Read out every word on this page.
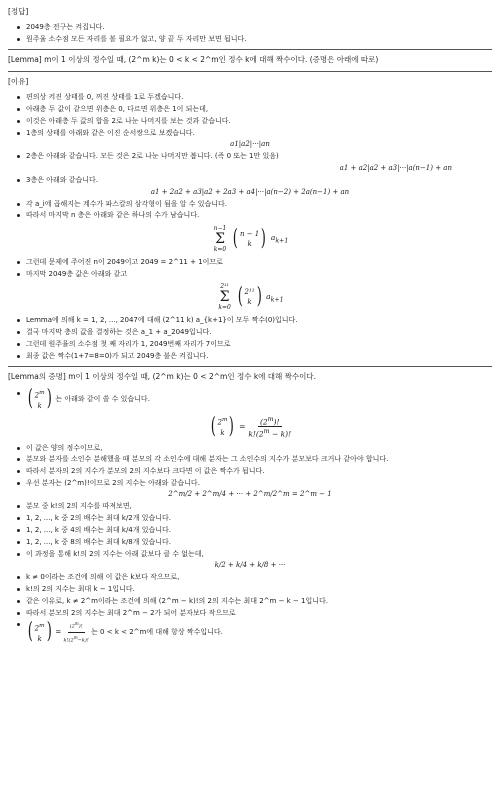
[정답]
2049층 전구는 켜집니다.
원주율 소수점 모든 자리를 볼 필요가 없고, 양 끝 두 자리만 보면 됩니다.
[Lemma] m이 1 이상의 정수일 때, (2^m k)는 0 < k < 2^m인 정수 k에 대해 짝수이다. (증명은 아래에 따로)
[이유]
편의상 켜진 상태를 0, 꺼진 상태를 1로 두겠습니다.
아래층 두 값이 같으면 위층은 0, 다르면 위층은 1이 되는데,
이것은 아래층 두 값의 합을 2로 나눈 나머지를 보는 것과 같습니다.
1층의 상태를 아래와 같은 이진 순서쌍으로 보겠습니다.
a1|a2|···|an
2층은 아래와 같습니다. 모든 것은 2로 나눈 나머지만 봅니다. (즉 0 또는 1만 있음)
a1 + a2|a2 + a3|···|a(n−1) + an
3층은 아래와 같습니다.
a1 + 2a2 + a3|a2 + 2a3 + a4|···|a(n−2) + 2a(n−1) + an
각 a_i에 곱해지는 계수가 파스칼의 삼각형이 됨을 알 수 있습니다.
따라서 마지막 n 층은 아래와 같은 하나의 수가 남습니다.
n−1
Σ
k=0 ( n − 1
k ) $a_{k+1}$
그런데 문제에 주어진 n이 2049이고 2049 = 2^11 + 1이므로
마지막 2049층 값은 아래와 같고
2¹¹
Σ
k=0 ( 2¹¹
k ) $a_{k+1}$
Lemma에 의해 k = 1, 2, ..., 2047에 대해 (2^11 k) a_{k+1}이 모두 짝수(0)입니다.
결국 마지막 층의 값을 결정하는 것은 a_1 + a_2049입니다.
그런데 원주율의 소수점 첫 째 자리가 1, 2049번째 자리가 7이므로
최종 값은 짝수(1+7=8=0)가 되고 2049층 불은 켜집니다.
[Lemma의 증명] m이 1 이상의 정수일 때, (2^m k)는 0 < 2^m인 정수 k에 대해 짝수이다.
( 2$^m$
k ) 는 아래와 같이 쓸 수 있습니다.
( 2$^m$
k ) = $\frac{(2^m)!}{k!(2^m - k)!}$
이 값은 양의 정수이므로,
분모와 분자를 소인수 분해했을 때 분모의 각 소인수에 대해 분자는 그 소인수의 지수가 분모보다 크거나 같아야 합니다.
따라서 분자의 2의 지수가 분모의 2의 지수보다 크다면 이 값은 짝수가 됩니다.
우선 분자는 (2^m)!이므로 2의 지수는 아래와 같습니다.
2^m/2 + 2^m/4 + ··· + 2^m/2^m = 2^m − 1
분모 중 k!의 2의 지수를 따져보면,
1, 2, ..., k 중 2의 배수는 최대 k/2개 있습니다.
1, 2, ..., k 중 4의 배수는 최대 k/4개 있습니다.
1, 2, ..., k 중 8의 배수는 최대 k/8개 있습니다.
이 과정을 통해 k!의 2의 지수는 아래 값보다 클 수 없는데,
k/2 + k/4 + k/8 + ···
k ≠ 0이라는 조건에 의해 이 값은 k보다 작으므로,
k!의 2의 지수는 최대 k − 1입니다.
같은 이유로, k ≠ 2^m이라는 조건에 의해 (2^m − k)!의 2의 지수는 최대 2^m − k − 1입니다.
따라서 분모의 2의 지수는 최대 2^m − 2가 되어 분자보다 작으므로
( 2$^m$
k ) = $\frac{(2^m)!}{k!(2^m-k)!}$ 는 0 < k < 2^m에 대해 항상 짝수입니다.
